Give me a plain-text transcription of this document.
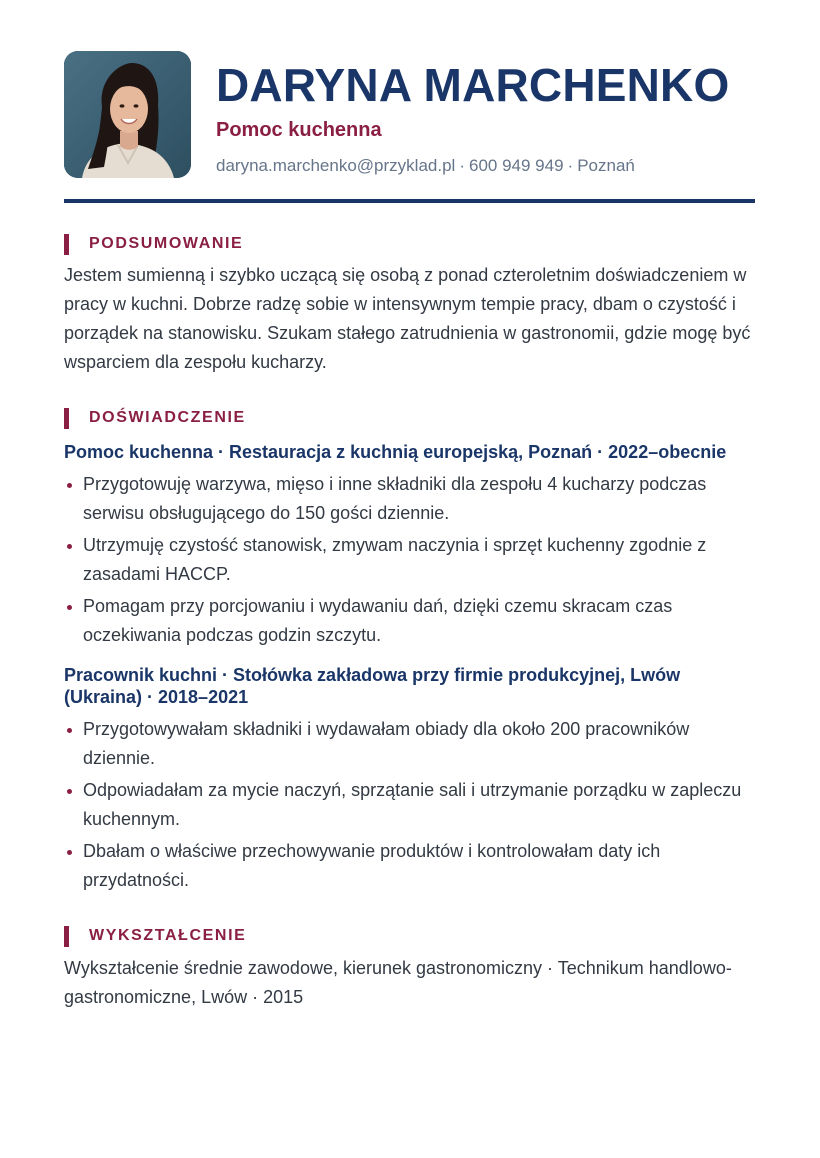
DARYNA MARCHENKO
Pomoc kuchenna
daryna.marchenko@przyklad.pl · 600 949 949 · Poznań
PODSUMOWANIE

Jestem sumienną i szybko uczącą się osobą z ponad czteroletnim doświadczeniem w pracy w kuchni. Dobrze radzę sobie w intensywnym tempie pracy, dbam o czystość i porządek na stanowisku. Szukam stałego zatrudnienia w gastronomii, gdzie mogę być wsparciem dla zespołu kucharzy.

DOŚWIADCZENIE
Pomoc kuchenna · Restauracja z kuchnią europejską, Poznań · 2022–obecnie
Przygotowuję warzywa, mięso i inne składniki dla zespołu 4 kucharzy podczas serwisu obsługującego do 150 gości dziennie.
Utrzymuję czystość stanowisk, zmywam naczynia i sprzęt kuchenny zgodnie z zasadami HACCP.
Pomagam przy porcjowaniu i wydawaniu dań, dzięki czemu skracam czas oczekiwania podczas godzin szczytu.
Pracownik kuchni · Stołówka zakładowa przy firmie produkcyjnej, Lwów (Ukraina) · 2018–2021
Przygotowywałam składniki i wydawałam obiady dla około 200 pracowników dziennie.
Odpowiadałam za mycie naczyń, sprzątanie sali i utrzymanie porządku w zapleczu kuchennym.
Dbałam o właściwe przechowywanie produktów i kontrolowałam daty ich przydatności.
WYKSZTAŁCENIE

Wykształcenie średnie zawodowe, kierunek gastronomiczny · Technikum handlowo-gastronomiczne, Lwów · 2015
